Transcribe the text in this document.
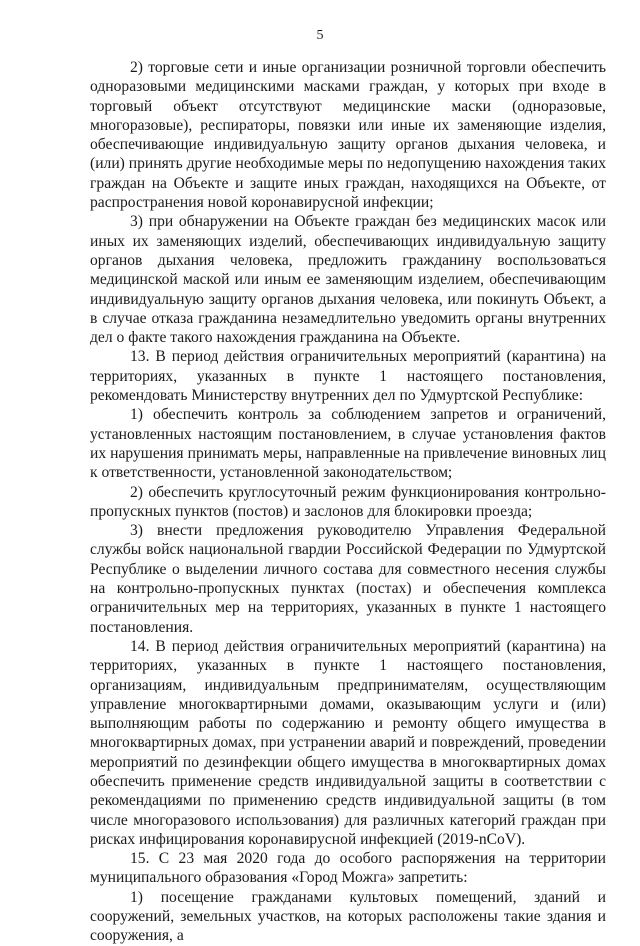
5

2) торговые сети и иные организации розничной торговли обеспечить одноразовыми медицинскими масками граждан, у которых при входе в торговый объект отсутствуют медицинские маски (одноразовые, многоразовые), респираторы, повязки или иные их заменяющие изделия, обеспечивающие индивидуальную защиту органов дыхания человека, и (или) принять другие необходимые меры по недопущению нахождения таких граждан на Объекте и защите иных граждан, находящихся на Объекте, от распространения новой коронавирусной инфекции;

3) при обнаружении на Объекте граждан без медицинских масок или иных их заменяющих изделий, обеспечивающих индивидуальную защиту органов дыхания человека, предложить гражданину воспользоваться медицинской маской или иным ее заменяющим изделием, обеспечивающим индивидуальную защиту органов дыхания человека, или покинуть Объект, а в случае отказа гражданина незамедлительно уведомить органы внутренних дел о факте такого нахождения гражданина на Объекте.

13. В период действия ограничительных мероприятий (карантина) на территориях, указанных в пункте 1 настоящего постановления, рекомендовать Министерству внутренних дел по Удмуртской Республике:

1) обеспечить контроль за соблюдением запретов и ограничений, установленных настоящим постановлением, в случае установления фактов их нарушения принимать меры, направленные на привлечение виновных лиц к ответственности, установленной законодательством;

2) обеспечить круглосуточный режим функционирования контрольно-пропускных пунктов (постов) и заслонов для блокировки проезда;

3) внести предложения руководителю Управления Федеральной службы войск национальной гвардии Российской Федерации по Удмуртской Республике о выделении личного состава для совместного несения службы на контрольно-пропускных пунктах (постах) и обеспечения комплекса ограничительных мер на территориях, указанных в пункте 1 настоящего постановления.

14. В период действия ограничительных мероприятий (карантина) на территориях, указанных в пункте 1 настоящего постановления, организациям, индивидуальным предпринимателям, осуществляющим управление многоквартирными домами, оказывающим услуги и (или) выполняющим работы по содержанию и ремонту общего имущества в многоквартирных домах, при устранении аварий и повреждений, проведении мероприятий по дезинфекции общего имущества в многоквартирных домах обеспечить применение средств индивидуальной защиты в соответствии с рекомендациями по применению средств индивидуальной защиты (в том числе многоразового использования) для различных категорий граждан при рисках инфицирования коронавирусной инфекцией (2019-nCoV).

15. С 23 мая 2020 года до особого распоряжения на территории муниципального образования «Город Можга» запретить:

1) посещение гражданами культовых помещений, зданий и сооружений, земельных участков, на которых расположены такие здания и сооружения, а
